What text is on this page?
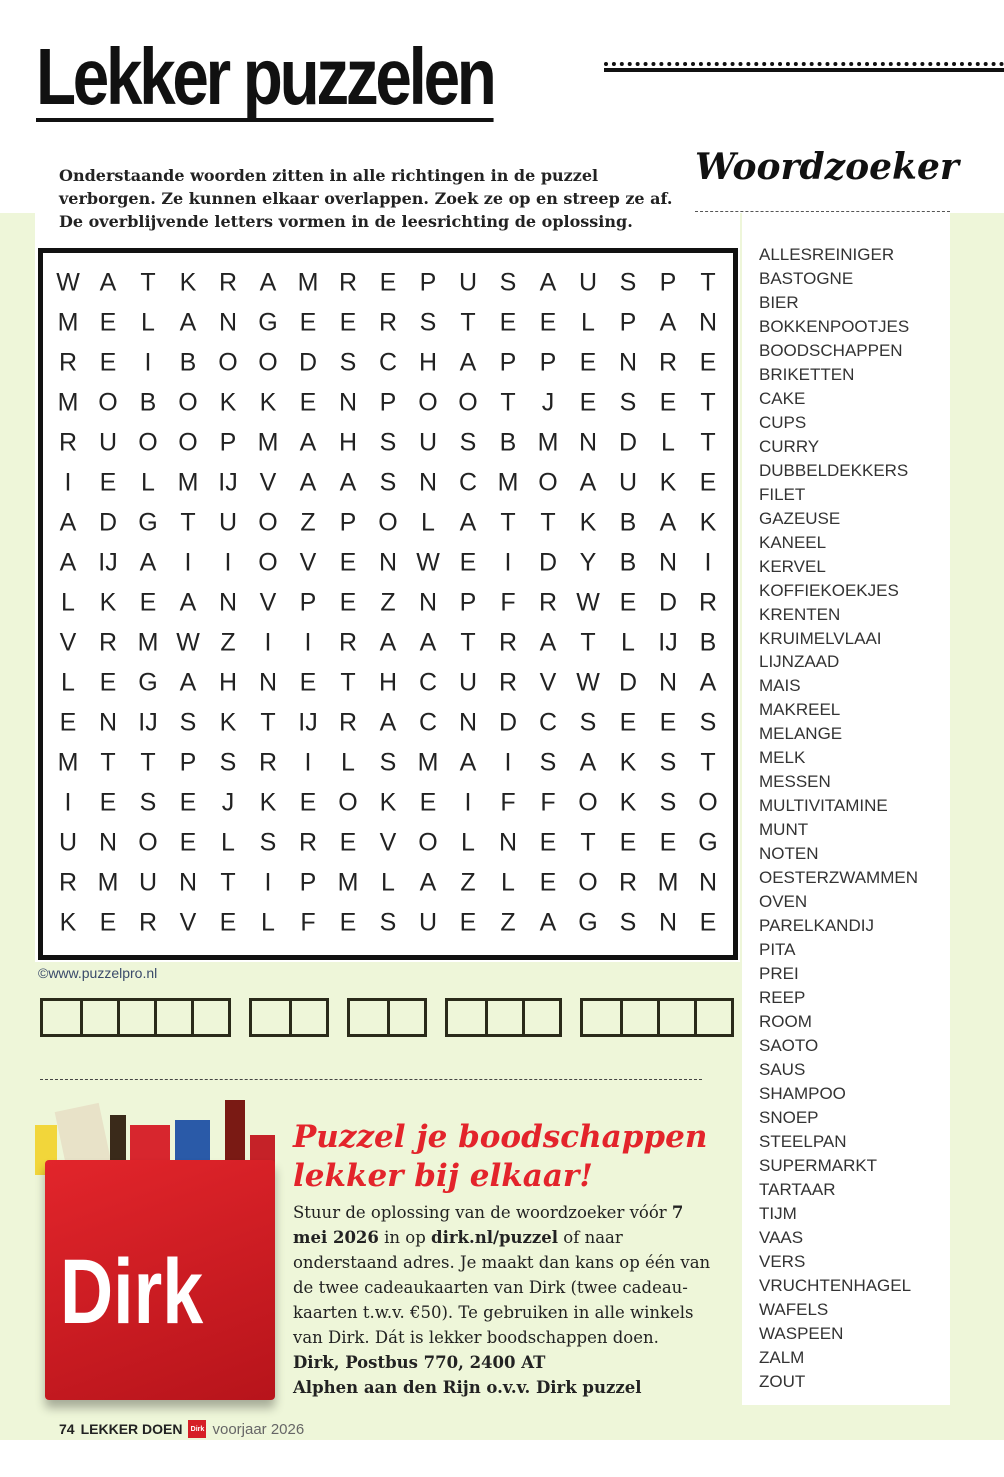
Lekker puzzelen
Woordzoeker
Onderstaande woorden zitten in alle richtingen in de puzzel verborgen. Ze kunnen elkaar overlappen. Zoek ze op en streep ze af. De overblijvende letters vormen in de leesrichting de oplossing.
W A T K R A M R E P U S A U S P T
M E L A N G E E R S T E E L P A N
R E	I	B O O D S C H A P P E N R E
M O B O K K E N P O O T	J	E S E T
R U O O P M A H S U S B M N D L	T
I	E L M IJ V A A S N C M O A U K E
A D G T U O Z P O L A T T K B A K
A IJ A	I	I	O V E N W E	I	D Y B N	I
L K E A N V P E Z N P F R W E D R
V R M W Z	I	I	R A A T R A T	L IJ B
L E G A H N E T H C U R V W D N A
E N IJ S K T IJ R A C N D C S E E S
M T T P S R	I	L S M A	I	S A K S T
I	E S E	J	K E O K E	I	F F O K S O
U N O E L S R E V O L N E T E E G
R M U N T	I	P M L A Z	L E O R M N
K E R V E L	F E S U E Z A G S N E
©www.puzzelpro.nl
ALLESREINIGER
BASTOGNE
BIER
BOKKENPOOTJES
BOODSCHAPPEN
BRIKETTEN
CAKE
CUPS
CURRY
DUBBELDEKKERS
FILET
GAZEUSE
KANEEL
KERVEL
KOFFIEKOEKJES
KRENTEN
KRUIMELVLAAI
LIJNZAAD
MAIS
MAKREEL
MELANGE
MELK
MESSEN
MULTIVITAMINE
MUNT
NOTEN
OESTERZWAMMEN
OVEN
PARELKANDIJ
PITA
PREI
REEP
ROOM
SAOTO
SAUS
SHAMPOO
SNOEP
STEELPAN
SUPERMARKT
TARTAAR
TIJM
VAAS
VERS
VRUCHTENHAGEL
WAFELS
WASPEEN
ZALM
ZOUT
Dirk
Puzzel je boodschappen
lekker bij elkaar!
Stuur de oplossing van de woordzoeker vóór 7 mei 2026 in op dirk.nl/puzzel of naar onderstaand adres. Je maakt dan kans op één van de twee cadeaukaarten van Dirk (twee cadeau-kaarten t.w.v. €50). Te gebruiken in alle winkels van Dirk. Dát is lekker boodschappen doen.
Dirk, Postbus 770, 2400 AT
Alphen aan den Rijn o.v.v. Dirk puzzel
74 LEKKER DOEN	Dirk voorjaar 2026
